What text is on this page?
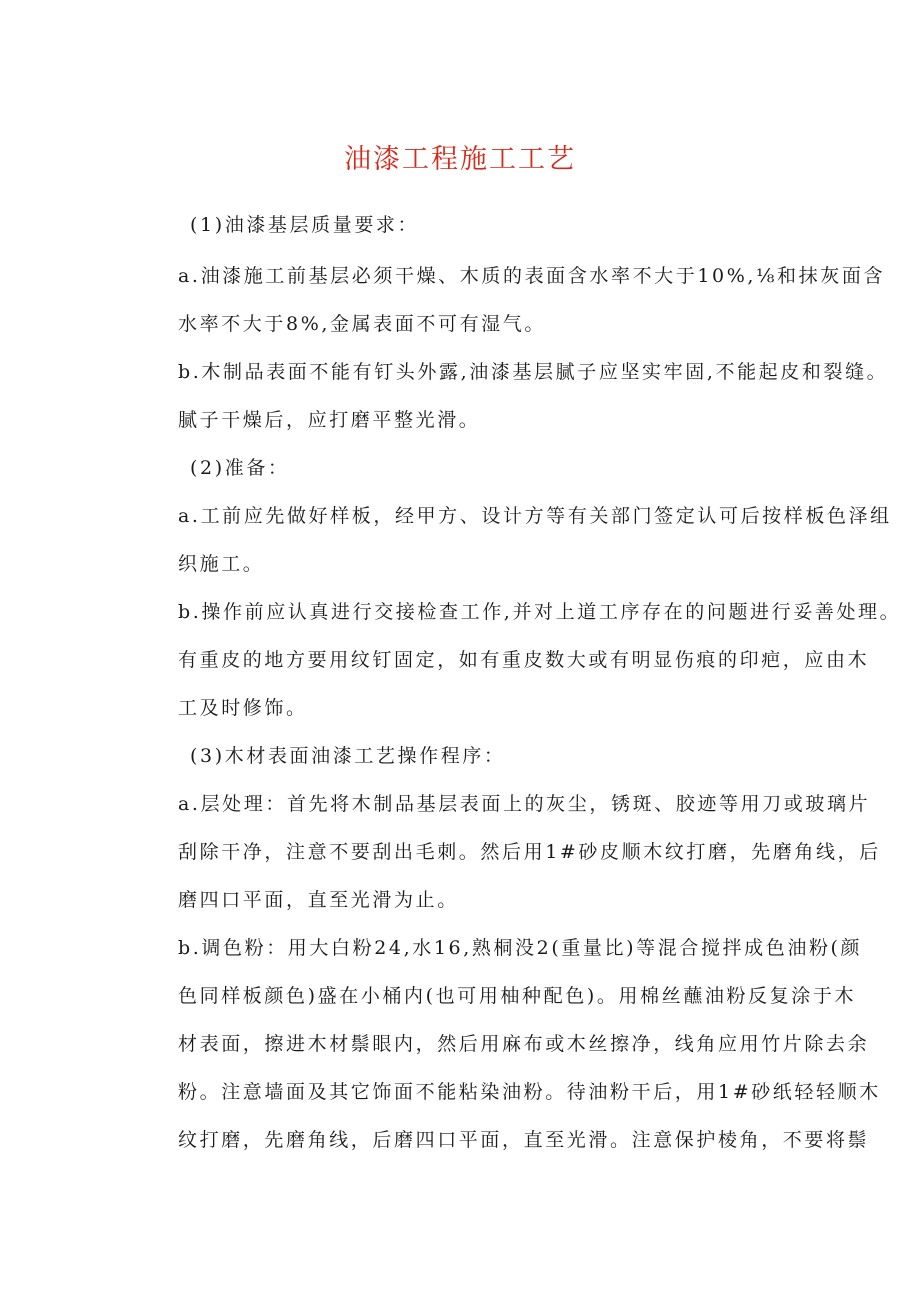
油漆工程施工工艺
(1)油漆基层质量要求：
a.油漆施工前基层必须干燥、木质的表面含水率不大于10%,⅛和抹灰面含
水率不大于8%,金属表面不可有湿气。
b.木制品表面不能有钉头外露,油漆基层腻子应坚实牢固,不能起皮和裂缝。
腻子干燥后，应打磨平整光滑。
(2)准备：
a.工前应先做好样板，经甲方、设计方等有关部门签定认可后按样板色泽组
织施工。
b.操作前应认真进行交接检查工作,并对上道工序存在的问题进行妥善处理。
有重皮的地方要用纹钉固定，如有重皮数大或有明显伤痕的印疤，应由木
工及时修饰。
(3)木材表面油漆工艺操作程序：
a.层处理：首先将木制品基层表面上的灰尘，锈斑、胶迹等用刀或玻璃片
刮除干净，注意不要刮出毛刺。然后用1#砂皮顺木纹打磨，先磨角线，后
磨四口平面，直至光滑为止。
b.调色粉：用大白粉24,水16,熟桐没2(重量比)等混合搅拌成色油粉(颜
色同样板颜色)盛在小桶内(也可用柚种配色)。用棉丝蘸油粉反复涂于木
材表面，擦进木材鬃眼内，然后用麻布或木丝擦净，线角应用竹片除去余
粉。注意墙面及其它饰面不能粘染油粉。待油粉干后，用1#砂纸轻轻顺木
纹打磨，先磨角线，后磨四口平面，直至光滑。注意保护棱角，不要将鬃
